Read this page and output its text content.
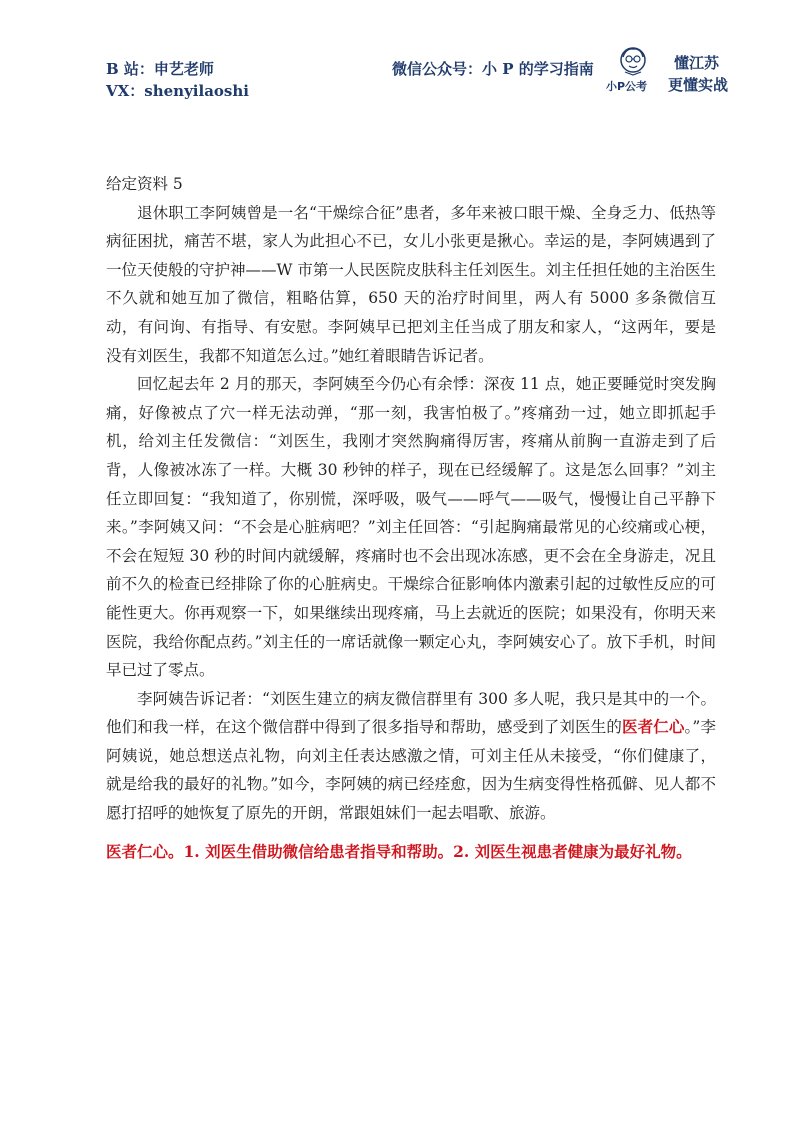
B 站：申艺老师
VX：shenyilaoshi
微信公众号：小 P 的学习指南
小P公考
懂江苏
更懂实战

给定资料 5

退休职工李阿姨曾是一名“干燥综合征”患者，多年来被口眼干燥、全身乏力、低热等病征困扰，痛苦不堪，家人为此担心不已，女儿小张更是揪心。幸运的是，李阿姨遇到了一位天使般的守护神——W 市第一人民医院皮肤科主任刘医生。刘主任担任她的主治医生不久就和她互加了微信，粗略估算，650 天的治疗时间里，两人有 5000 多条微信互动，有问询、有指导、有安慰。李阿姨早已把刘主任当成了朋友和家人，“这两年，要是没有刘医生，我都不知道怎么过。”她红着眼睛告诉记者。

回忆起去年 2 月的那天，李阿姨至今仍心有余悸：深夜 11 点，她正要睡觉时突发胸痛，好像被点了穴一样无法动弹，“那一刻，我害怕极了。”疼痛劲一过，她立即抓起手机，给刘主任发微信：“刘医生，我刚才突然胸痛得厉害，疼痛从前胸一直游走到了后背，人像被冰冻了一样。大概 30 秒钟的样子，现在已经缓解了。这是怎么回事？”刘主任立即回复：“我知道了，你别慌，深呼吸，吸气——呼气——吸气，慢慢让自己平静下来。”李阿姨又问：“不会是心脏病吧？”刘主任回答：“引起胸痛最常见的心绞痛或心梗，不会在短短 30 秒的时间内就缓解，疼痛时也不会出现冰冻感，更不会在全身游走，况且前不久的检查已经排除了你的心脏病史。干燥综合征影响体内激素引起的过敏性反应的可能性更大。你再观察一下，如果继续出现疼痛，马上去就近的医院；如果没有，你明天来医院，我给你配点药。”刘主任的一席话就像一颗定心丸，李阿姨安心了。放下手机，时间早已过了零点。

李阿姨告诉记者：“刘医生建立的病友微信群里有 300 多人呢，我只是其中的一个。他们和我一样，在这个微信群中得到了很多指导和帮助，感受到了刘医生的医者仁心。”李阿姨说，她总想送点礼物，向刘主任表达感激之情，可刘主任从未接受，“你们健康了，就是给我的最好的礼物。”如今，李阿姨的病已经痊愈，因为生病变得性格孤僻、见人都不愿打招呼的她恢复了原先的开朗，常跟姐妹们一起去唱歌、旅游。

医者仁心。1. 刘医生借助微信给患者指导和帮助。2. 刘医生视患者健康为最好礼物。
